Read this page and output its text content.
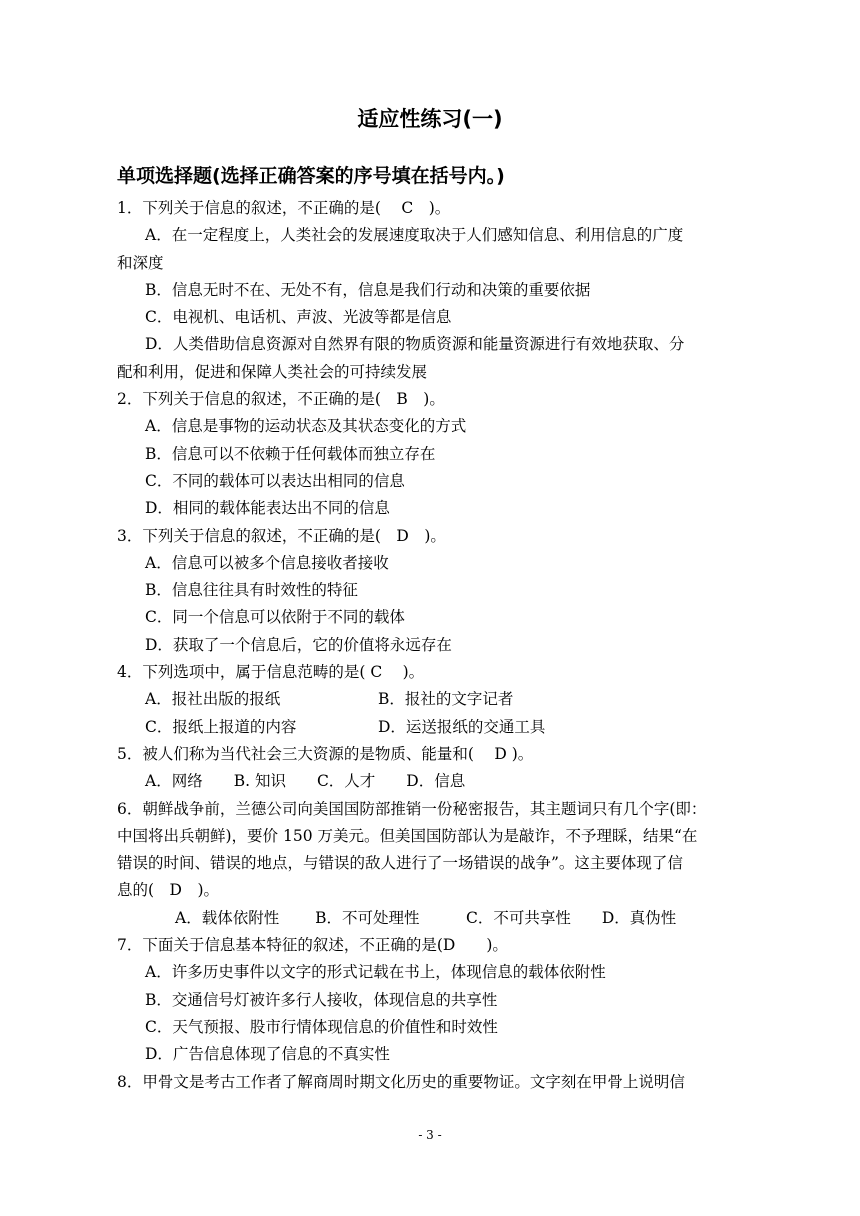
适应性练习(一)
单项选择题(选择正确答案的序号填在括号内。)
1．下列关于信息的叙述，不正确的是(　 C　)。
A．在一定程度上，人类社会的发展速度取决于人们感知信息、利用信息的广度
和深度
B．信息无时不在、无处不有，信息是我们行动和决策的重要依据
C．电视机、电话机、声波、光波等都是信息
D．人类借助信息资源对自然界有限的物质资源和能量资源进行有效地获取、分
配和利用，促进和保障人类社会的可持续发展
2．下列关于信息的叙述，不正确的是(　B　)。
A．信息是事物的运动状态及其状态变化的方式
B．信息可以不依赖于任何载体而独立存在
C．不同的载体可以表达出相同的信息
D．相同的载体能表达出不同的信息
3．下列关于信息的叙述，不正确的是(　D　)。
A．信息可以被多个信息接收者接收
B．信息往往具有时效性的特征
C．同一个信息可以依附于不同的载体
D．获取了一个信息后，它的价值将永远存在
4．下列选项中，属于信息范畴的是( C　 )。
A．报社出版的报纸	B．报社的文字记者
C．报纸上报道的内容	D．运送报纸的交通工具
5．被人们称为当代社会三大资源的是物质、能量和(　 D )。
A．网络　　B. 知识　　C．人才　　D．信息
6．朝鲜战争前，兰德公司向美国国防部推销一份秘密报告，其主题词只有几个字(即：
中国将出兵朝鲜)，要价 150 万美元。但美国国防部认为是敲诈，不予理睬，结果“在
错误的时间、错误的地点，与错误的敌人进行了一场错误的战争”。这主要体现了信
息的(　D　)。
A．载体依附性　　 B．不可处理性　　　C．不可共享性　　D．真伪性
7．下面关于信息基本特征的叙述，不正确的是(D　　)。
A．许多历史事件以文字的形式记载在书上，体现信息的载体依附性
B．交通信号灯被许多行人接收，体现信息的共享性
C．天气预报、股市行情体现信息的价值性和时效性
D．广告信息体现了信息的不真实性
8．甲骨文是考古工作者了解商周时期文化历史的重要物证。文字刻在甲骨上说明信
- 3 -
